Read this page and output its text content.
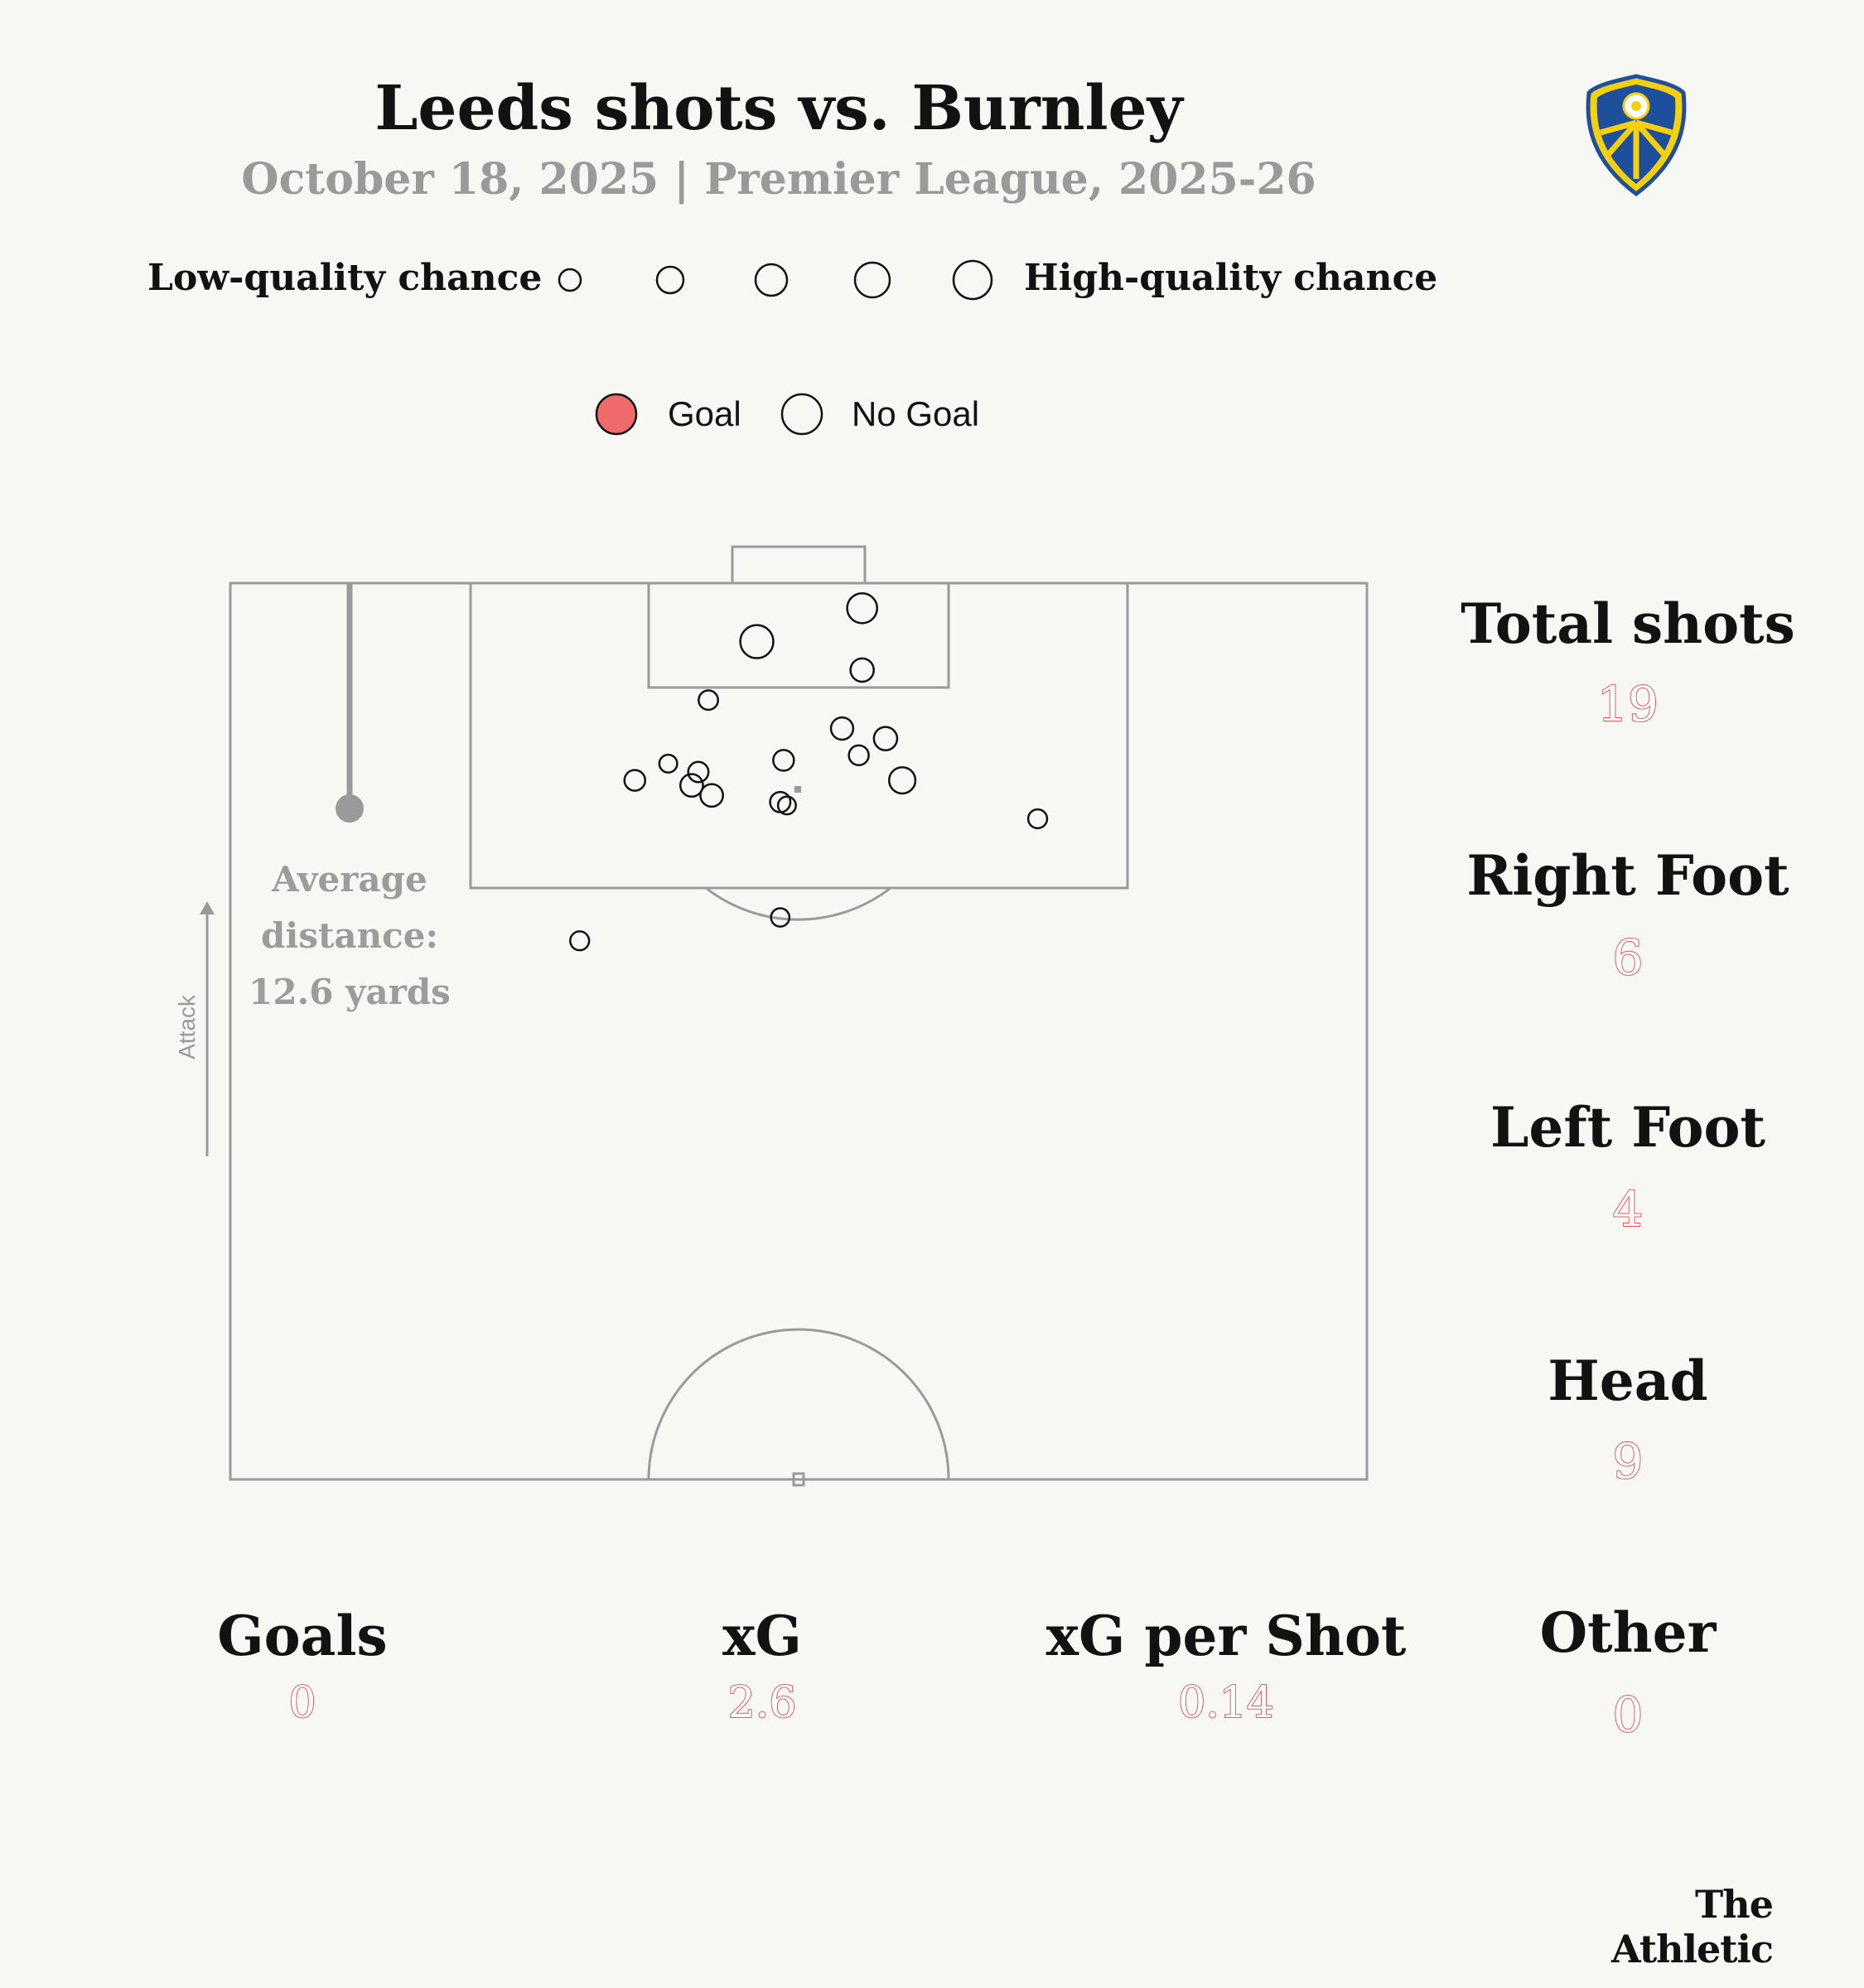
Leeds shots vs. Burnley
October 18, 2025 | Premier League, 2025-26
Low-quality chance	High-quality chance
Goal	No Goal
Average
distance:
12.6 yards
Attack
Total shots
19
Right Foot
6
Left Foot
4
Head
9
Other
0
Goals
0
xG
2.6
xG per Shot
0.14
The Athletic
